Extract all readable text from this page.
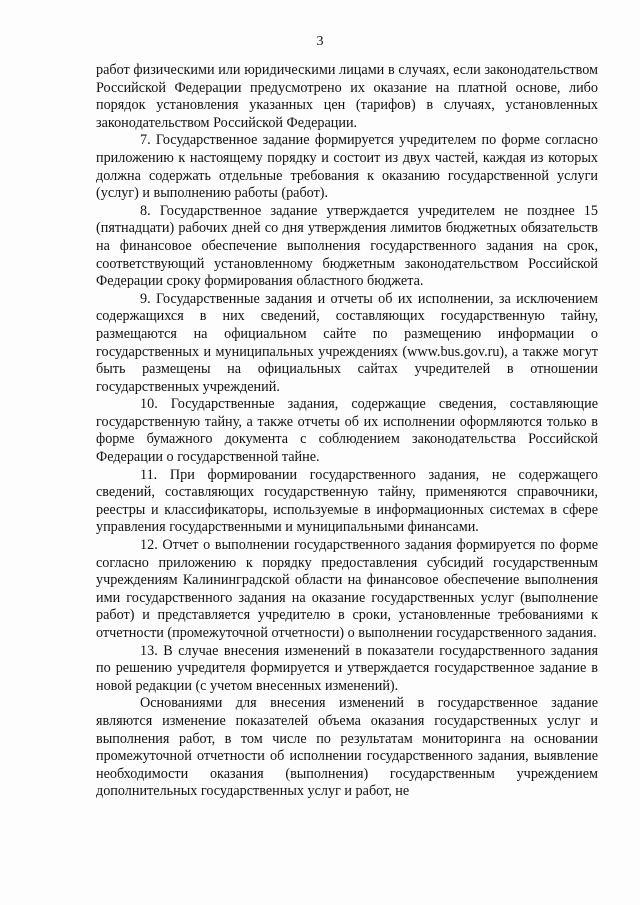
3

работ физическими или юридическими лицами в случаях, если законодательством Российской Федерации предусмотрено их оказание на платной основе, либо порядок установления указанных цен (тарифов) в случаях, установленных законодательством Российской Федерации.

7. Государственное задание формируется учредителем по форме согласно приложению к настоящему порядку и состоит из двух частей, каждая из которых должна содержать отдельные требования к оказанию государственной услуги (услуг) и выполнению работы (работ).

8. Государственное задание утверждается учредителем не позднее 15 (пятнадцати) рабочих дней со дня утверждения лимитов бюджетных обязательств на финансовое обеспечение выполнения государственного задания на срок, соответствующий установленному бюджетным законодательством Российской Федерации сроку формирования областного бюджета.

9. Государственные задания и отчеты об их исполнении, за исключением содержащихся в них сведений, составляющих государственную тайну, размещаются на официальном сайте по размещению информации о государственных и муниципальных учреждениях (www.bus.gov.ru), а также могут быть размещены на официальных сайтах учредителей в отношении государственных учреждений.

10. Государственные задания, содержащие сведения, составляющие государственную тайну, а также отчеты об их исполнении оформляются только в форме бумажного документа с соблюдением законодательства Российской Федерации о государственной тайне.

11. При формировании государственного задания, не содержащего сведений, составляющих государственную тайну, применяются справочники, реестры и классификаторы, используемые в информационных системах в сфере управления государственными и муниципальными финансами.

12. Отчет о выполнении государственного задания формируется по форме согласно приложению к порядку предоставления субсидий государственным учреждениям Калининградской области на финансовое обеспечение выполнения ими государственного задания на оказание государственных услуг (выполнение работ) и представляется учредителю в сроки, установленные требованиями к отчетности (промежуточной отчетности) о выполнении государственного задания.

13. В случае внесения изменений в показатели государственного задания по решению учредителя формируется и утверждается государственное задание в новой редакции (с учетом внесенных изменений).

Основаниями для внесения изменений в государственное задание являются изменение показателей объема оказания государственных услуг и выполнения работ, в том числе по результатам мониторинга на основании промежуточной отчетности об исполнении государственного задания, выявление необходимости оказания (выполнения) государственным учреждением дополнительных государственных услуг и работ, не
